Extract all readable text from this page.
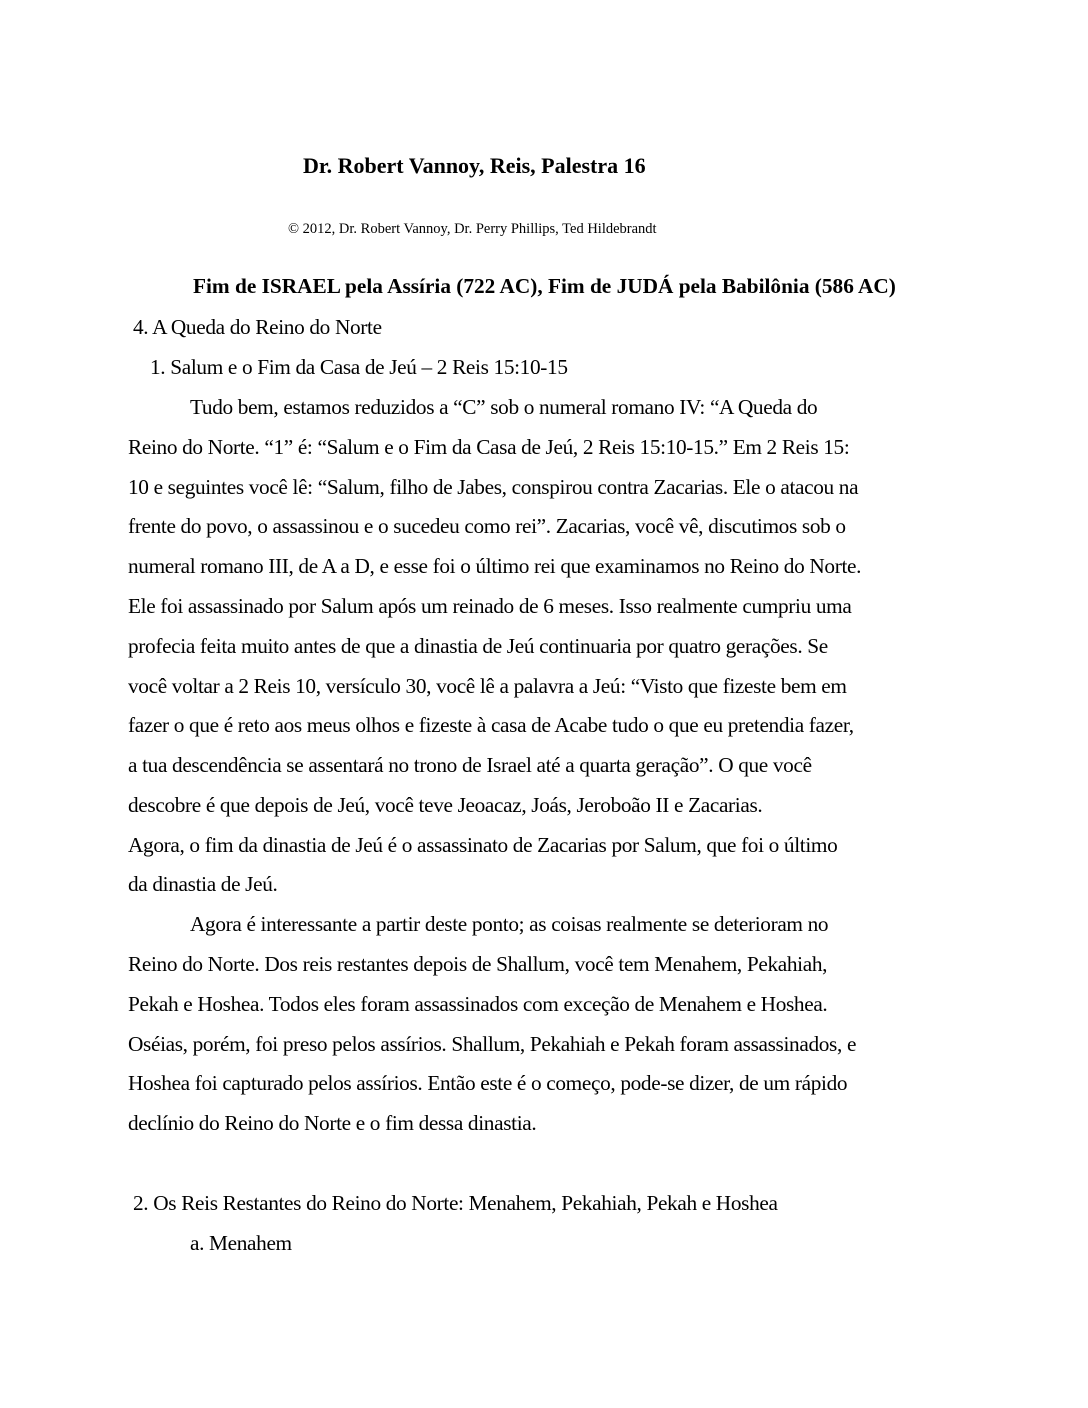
Dr. Robert Vannoy, Reis, Palestra 16
© 2012, Dr. Robert Vannoy, Dr. Perry Phillips, Ted Hildebrandt
Fim de ISRAEL pela Assíria (722 AC), Fim de JUDÁ pela Babilônia (586 AC)
4. A Queda do Reino do Norte
1. Salum e o Fim da Casa de Jeú – 2 Reis 15:10-15
Tudo bem, estamos reduzidos a “C” sob o numeral romano IV: “A Queda do
Reino do Norte. “1” é: “Salum e o Fim da Casa de Jeú, 2 Reis 15:10-15.” Em 2 Reis 15:
10 e seguintes você lê: “Salum, filho de Jabes, conspirou contra Zacarias. Ele o atacou na
frente do povo, o assassinou e o sucedeu como rei”. Zacarias, você vê, discutimos sob o
numeral romano III, de A a D, e esse foi o último rei que examinamos no Reino do Norte.
Ele foi assassinado por Salum após um reinado de 6 meses. Isso realmente cumpriu uma
profecia feita muito antes de que a dinastia de Jeú continuaria por quatro gerações. Se
você voltar a 2 Reis 10, versículo 30, você lê a palavra a Jeú: “Visto que fizeste bem em
fazer o que é reto aos meus olhos e fizeste à casa de Acabe tudo o que eu pretendia fazer,
a tua descendência se assentará no trono de Israel até a quarta geração”. O que você
descobre é que depois de Jeú, você teve Jeoacaz, Joás, Jeroboão II e Zacarias.
Agora, o fim da dinastia de Jeú é o assassinato de Zacarias por Salum, que foi o último
da dinastia de Jeú.
Agora é interessante a partir deste ponto; as coisas realmente se deterioram no
Reino do Norte. Dos reis restantes depois de Shallum, você tem Menahem, Pekahiah,
Pekah e Hoshea. Todos eles foram assassinados com exceção de Menahem e Hoshea.
Oséias, porém, foi preso pelos assírios. Shallum, Pekahiah e Pekah foram assassinados, e
Hoshea foi capturado pelos assírios. Então este é o começo, pode-se dizer, de um rápido
declínio do Reino do Norte e o fim dessa dinastia.
2. Os Reis Restantes do Reino do Norte: Menahem, Pekahiah, Pekah e Hoshea
a. Menahem
